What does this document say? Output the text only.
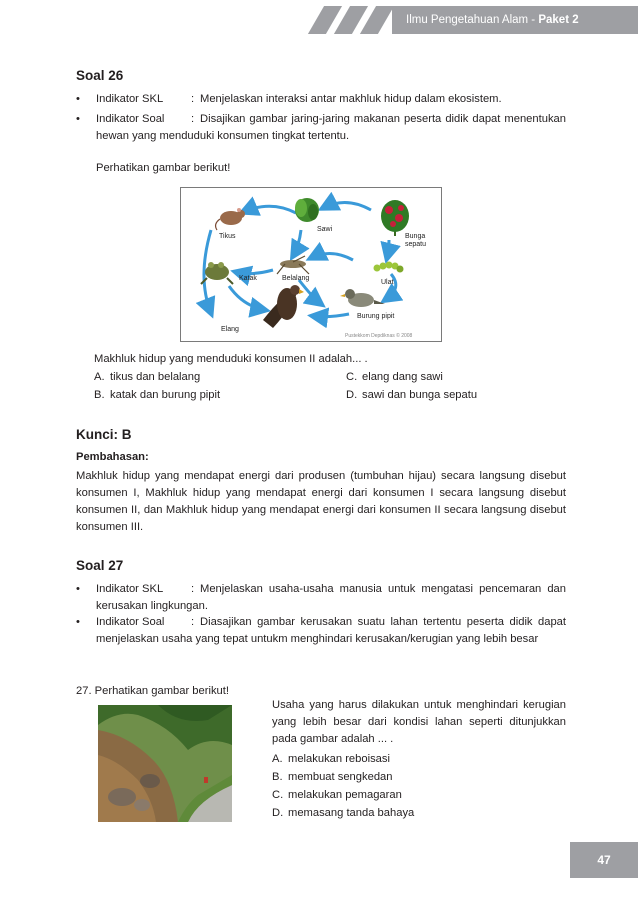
Ilmu Pengetahuan Alam - Paket 2
Soal 26
• Indikator SKL : Menjelaskan interaksi antar makhluk hidup dalam ekosistem.
• Indikator Soal : Disajikan gambar jaring-jaring makanan peserta didik dapat menentukan hewan yang menduduki konsumen tingkat tertentu.
Perhatikan gambar berikut!
Tikus
Sawi
Bunga
sepatu
Belalang
Katak
Ulat
Burung pipit
Elang
Pustekkom Depdiknas © 2008
Makhluk hidup yang menduduki konsumen II adalah... .
A. tikus dan belalang
B. katak dan burung pipit
C. elang dang sawi
D. sawi dan bunga sepatu
Kunci: B
Pembahasan:
Makhluk hidup yang mendapat energi dari produsen (tumbuhan hijau) secara langsung disebut konsumen I, Makhluk hidup yang mendapat energi dari konsumen I secara langsung disebut konsumen II, dan Makhluk hidup yang mendapat energi dari konsumen II secara langsung disebut konsumen III.
Soal 27
• Indikator SKL : Menjelaskan usaha-usaha manusia untuk mengatasi pencemaran dan kerusakan lingkungan.
• Indikator Soal : Diasajikan gambar kerusakan suatu lahan tertentu peserta didik dapat menjelaskan usaha yang tepat untukm menghindari kerusakan/kerugian yang lebih besar
27. Perhatikan gambar berikut!
Usaha yang harus dilakukan untuk menghindari kerugian yang lebih besar dari kondisi lahan seperti ditunjukkan pada gambar adalah ... .
A. melakukan reboisasi
B. membuat sengkedan
C. melakukan pemagaran
D. memasang tanda bahaya
47
